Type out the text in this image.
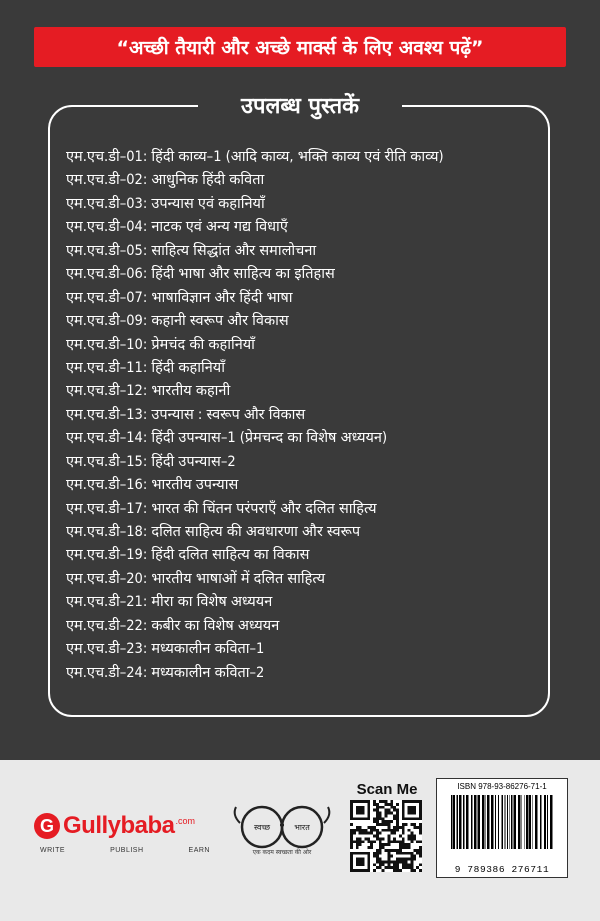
“अच्छी तैयारी और अच्छे मार्क्स के लिए अवश्य पढ़ें”
उपलब्ध पुस्तकें
एम.एच.डी–01: हिंदी काव्य–1 (आदि काव्य, भक्ति काव्य एवं रीति काव्य)
एम.एच.डी–02: आधुनिक हिंदी कविता
एम.एच.डी–03: उपन्यास एवं कहानियाँ
एम.एच.डी–04: नाटक एवं अन्य गद्य विधाएँ
एम.एच.डी–05: साहित्य सिद्धांत और समालोचना
एम.एच.डी–06: हिंदी भाषा और साहित्य का इतिहास
एम.एच.डी–07: भाषाविज्ञान और हिंदी भाषा
एम.एच.डी–09: कहानी स्वरूप और विकास
एम.एच.डी–10: प्रेमचंद की कहानियाँ
एम.एच.डी–11: हिंदी कहानियाँ
एम.एच.डी–12: भारतीय कहानी
एम.एच.डी–13: उपन्यास : स्वरूप और विकास
एम.एच.डी–14: हिंदी उपन्यास–1 (प्रेमचन्द का विशेष अध्ययन)
एम.एच.डी–15: हिंदी उपन्यास–2
एम.एच.डी–16: भारतीय उपन्यास
एम.एच.डी–17: भारत की चिंतन परंपराएँ और दलित साहित्य
एम.एच.डी–18: दलित साहित्य की अवधारणा और स्वरूप
एम.एच.डी–19: हिंदी दलित साहित्य का विकास
एम.एच.डी–20: भारतीय भाषाओं में दलित साहित्य
एम.एच.डी–21: मीरा का विशेष अध्ययन
एम.एच.डी–22: कबीर का विशेष अध्ययन
एम.एच.डी–23: मध्यकालीन कविता–1
एम.एच.डी–24: मध्यकालीन कविता–2
G Gullybaba .com
WRITE	PUBLISH	EARN
स्वच्छ	भारत
एक कदम स्वच्छता की ओर
Scan Me	ISBN 978-93-86276-71-1
9 789386 276711
